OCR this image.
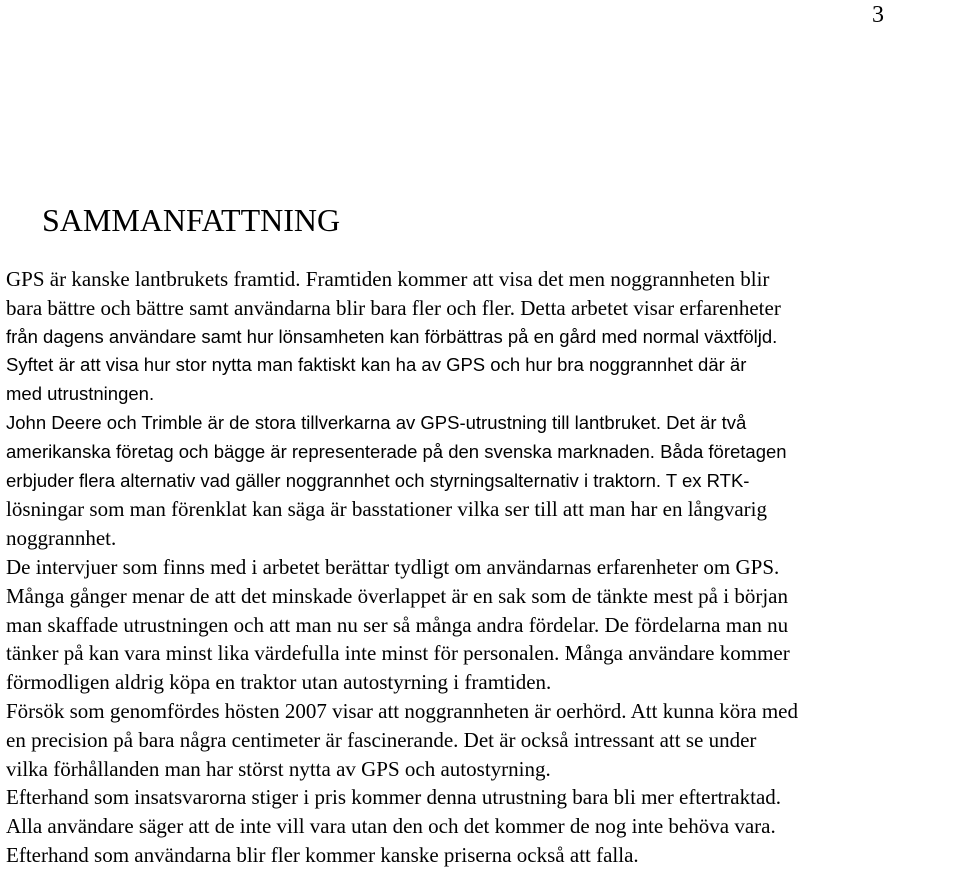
3
SAMMANFATTNING
GPS är kanske lantbrukets framtid. Framtiden kommer att visa det men noggrannheten blir
bara bättre och bättre samt användarna blir bara fler och fler. Detta arbetet visar erfarenheter
från dagens användare samt hur lönsamheten kan förbättras på en gård med normal växtföljd.
Syftet är att visa hur stor nytta man faktiskt kan ha av GPS och hur bra noggrannhet där är
med utrustningen.
John Deere och Trimble är de stora tillverkarna av GPS-utrustning till lantbruket. Det är två
amerikanska företag och bägge är representerade på den svenska marknaden. Båda företagen
erbjuder flera alternativ vad gäller noggrannhet och styrningsalternativ i traktorn. T ex RTK-
lösningar som man förenklat kan säga är basstationer vilka ser till att man har en långvarig
noggrannhet.
De intervjuer som finns med i arbetet berättar tydligt om användarnas erfarenheter om GPS.
Många gånger menar de att det minskade överlappet är en sak som de tänkte mest på i början
man skaffade utrustningen och att man nu ser så många andra fördelar. De fördelarna man nu
tänker på kan vara minst lika värdefulla inte minst för personalen. Många användare kommer
förmodligen aldrig köpa en traktor utan autostyrning i framtiden.
Försök som genomfördes hösten 2007 visar att noggrannheten är oerhörd. Att kunna köra med
en precision på bara några centimeter är fascinerande. Det är också intressant att se under
vilka förhållanden man har störst nytta av GPS och autostyrning.
Efterhand som insatsvarorna stiger i pris kommer denna utrustning bara bli mer eftertraktad.
Alla användare säger att de inte vill vara utan den och det kommer de nog inte behöva vara.
Efterhand som användarna blir fler kommer kanske priserna också att falla.
